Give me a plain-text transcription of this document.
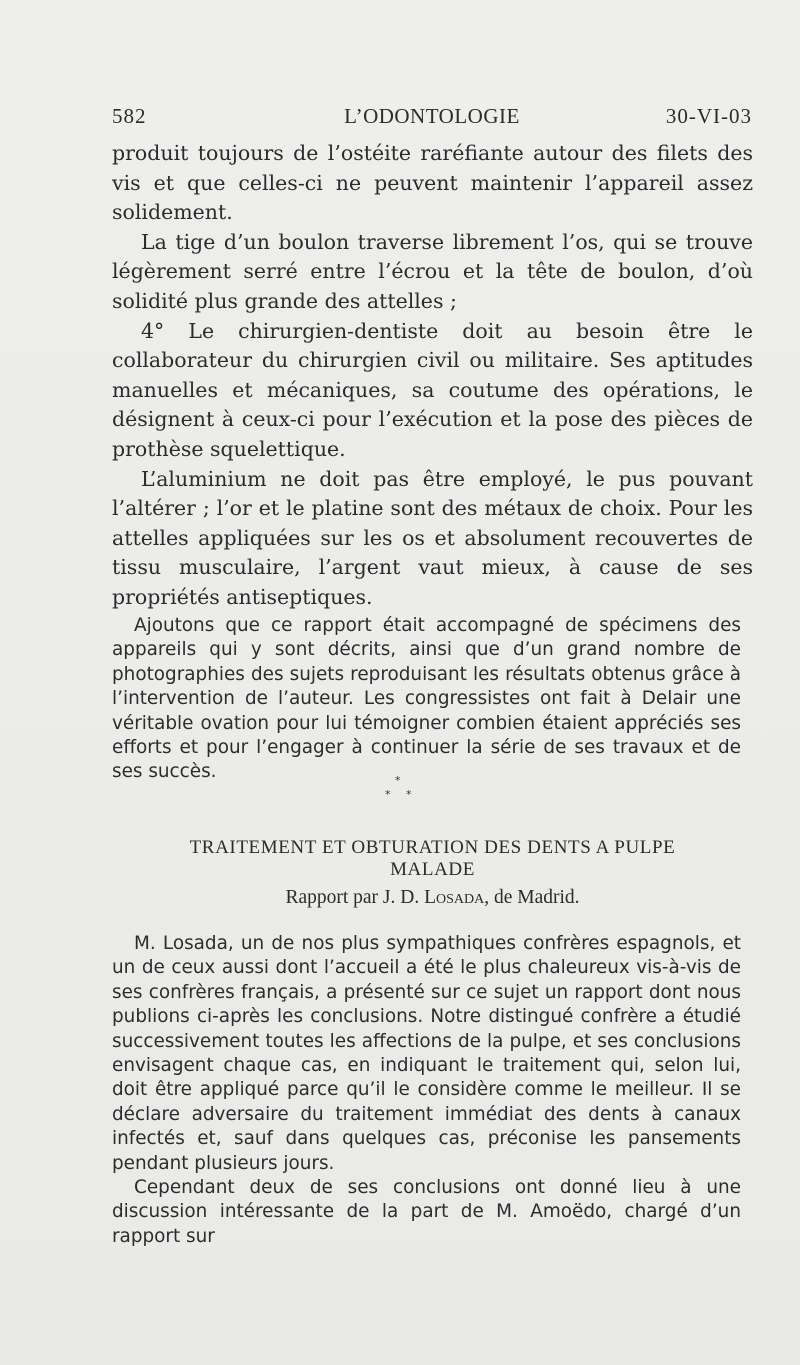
582	L’ODONTOLOGIE	30-VI-03

produit toujours de l’ostéite raréfiante autour des filets des vis et que celles-ci ne peuvent maintenir l’appareil assez solidement.

La tige d’un boulon traverse librement l’os, qui se trouve légèrement serré entre l’écrou et la tête de boulon, d’où solidité plus grande des attelles ;

4° Le chirurgien-dentiste doit au besoin être le collaborateur du chirurgien civil ou militaire. Ses aptitudes manuelles et mécaniques, sa coutume des opérations, le désignent à ceux-ci pour l’exécution et la pose des pièces de prothèse squelettique.

L’aluminium ne doit pas être employé, le pus pouvant l’altérer ; l’or et le platine sont des métaux de choix. Pour les attelles appliquées sur les os et absolument recouvertes de tissu musculaire, l’argent vaut mieux, à cause de ses propriétés antiseptiques.

Ajoutons que ce rapport était accompagné de spécimens des appareils qui y sont décrits, ainsi que d’un grand nombre de photographies des sujets reproduisant les résultats obtenus grâce à l’intervention de l’auteur. Les congressistes ont fait à Delair une véritable ovation pour lui témoigner combien étaient appréciés ses efforts et pour l’engager à continuer la série de ses travaux et de ses succès.	*
* *
TRAITEMENT ET OBTURATION DES DENTS A PULPE
MALADE
Rapport par J. D. Losada, de Madrid.

M. Losada, un de nos plus sympathiques confrères espagnols, et un de ceux aussi dont l’accueil a été le plus chaleureux vis-à-vis de ses confrères français, a présenté sur ce sujet un rapport dont nous publions ci-après les conclusions. Notre distingué confrère a étudié successivement toutes les affections de la pulpe, et ses conclusions envisagent chaque cas, en indiquant le traitement qui, selon lui, doit être appliqué parce qu’il le considère comme le meilleur. Il se déclare adversaire du traitement immédiat des dents à canaux infectés et, sauf dans quelques cas, préconise les pansements pendant plusieurs jours.

Cependant deux de ses conclusions ont donné lieu à une discussion intéressante de la part de M. Amoëdo, chargé d’un rapport sur
